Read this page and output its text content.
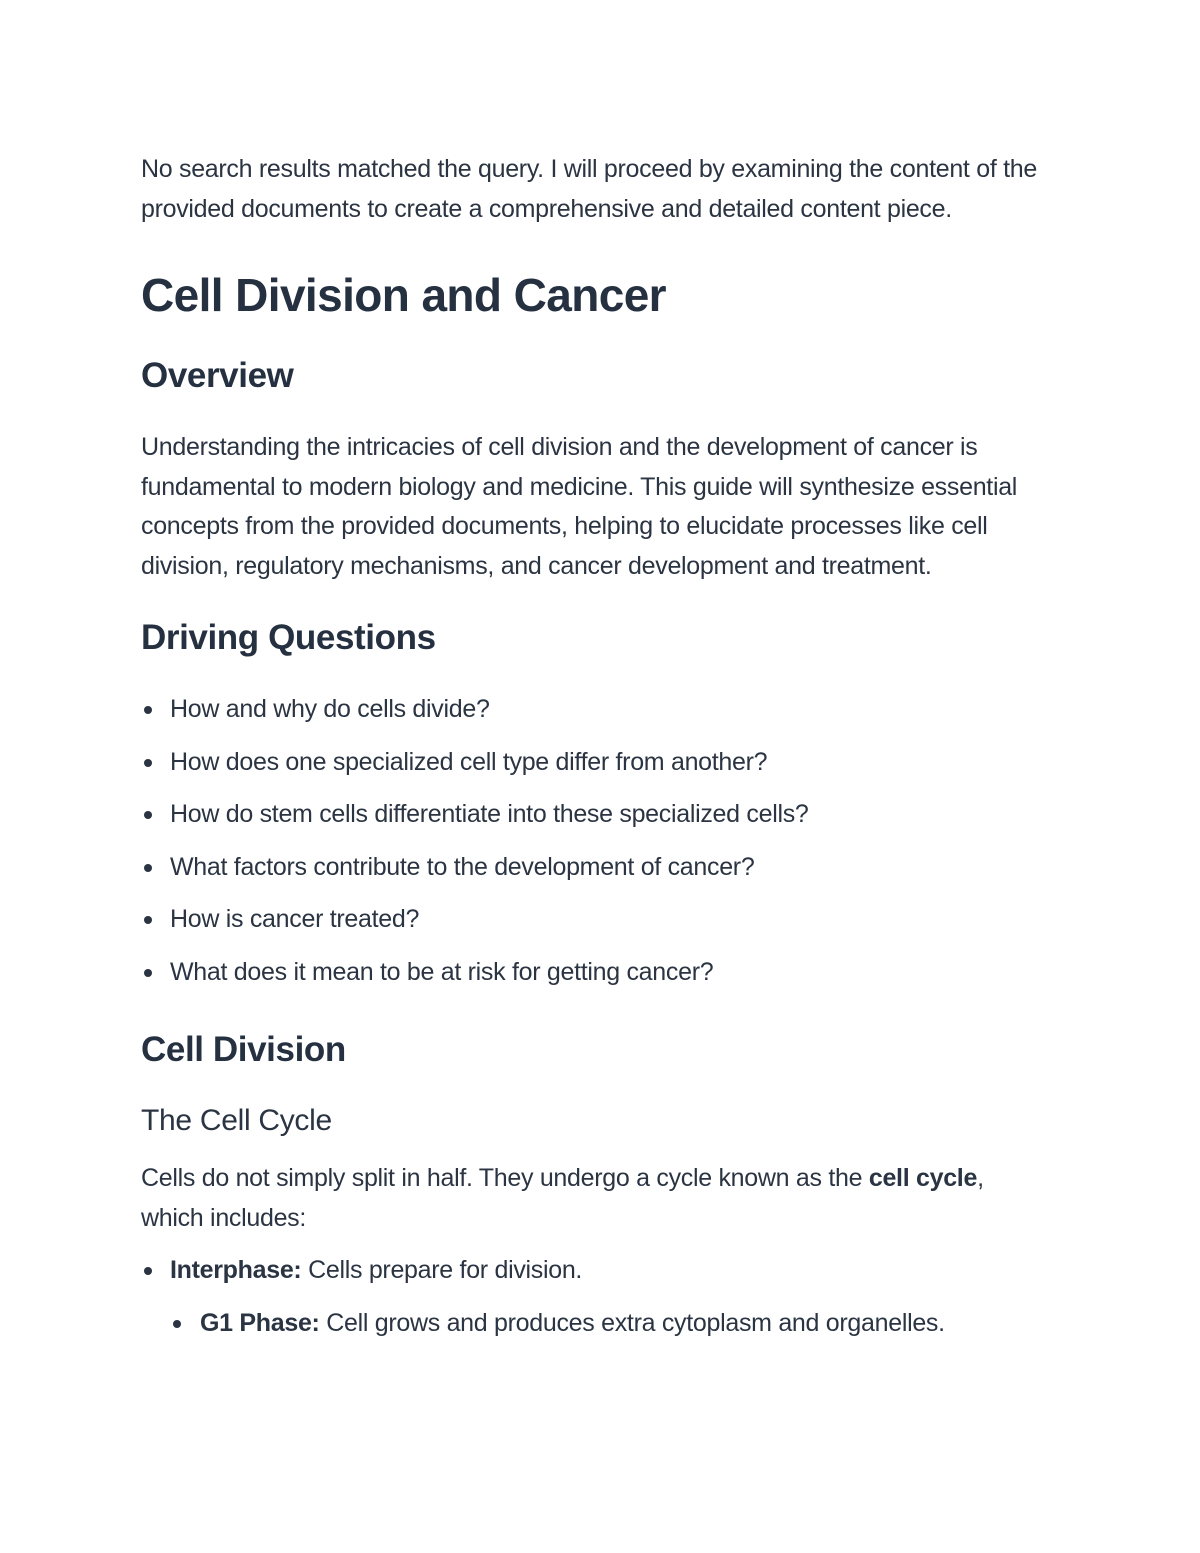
No search results matched the query. I will proceed by examining the content of the provided documents to create a comprehensive and detailed content piece.

Cell Division and Cancer
Overview

Understanding the intricacies of cell division and the development of cancer is fundamental to modern biology and medicine. This guide will synthesize essential concepts from the provided documents, helping to elucidate processes like cell division, regulatory mechanisms, and cancer development and treatment.

Driving Questions
How and why do cells divide?
How does one specialized cell type differ from another?
How do stem cells differentiate into these specialized cells?
What factors contribute to the development of cancer?
How is cancer treated?
What does it mean to be at risk for getting cancer?
Cell Division
The Cell Cycle

Cells do not simply split in half. They undergo a cycle known as the cell cycle, which includes:

Interphase: Cells prepare for division.
G1 Phase: Cell grows and produces extra cytoplasm and organelles.
